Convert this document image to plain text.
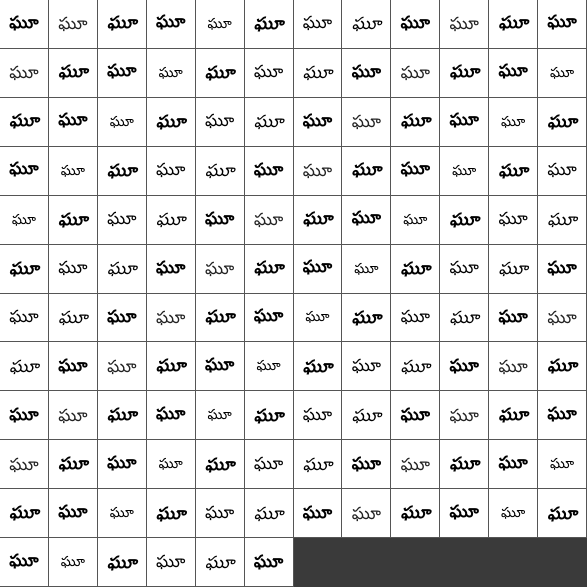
ఘూ	ఘూ	ఘూ	ఘూ	ఘూ	ఘూ	ఘూ	ఘూ	ఘూ	ఘూ	ఘూ	ఘూ
ఘూ	ఘూ	ఘూ	ఘూ	ఘూ	ఘూ	ఘూ	ఘూ	ఘూ	ఘూ	ఘూ	ఘూ
ఘూ	ఘూ	ఘూ	ఘూ	ఘూ	ఘూ	ఘూ	ఘూ	ఘూ	ఘూ	ఘూ	ఘూ
ఘూ	ఘూ	ఘూ	ఘూ	ఘూ	ఘూ	ఘూ	ఘూ	ఘూ	ఘూ	ఘూ	ఘూ
ఘూ	ఘూ	ఘూ	ఘూ	ఘూ	ఘూ	ఘూ	ఘూ	ఘూ	ఘూ	ఘూ	ఘూ
ఘూ	ఘూ	ఘూ	ఘూ	ఘూ	ఘూ	ఘూ	ఘూ	ఘూ	ఘూ	ఘూ	ఘూ
ఘూ	ఘూ	ఘూ	ఘూ	ఘూ	ఘూ	ఘూ	ఘూ	ఘూ	ఘూ	ఘూ	ఘూ
ఘూ	ఘూ	ఘూ	ఘూ	ఘూ	ఘూ	ఘూ	ఘూ	ఘూ	ఘూ	ఘూ	ఘూ
ఘూ	ఘూ	ఘూ	ఘూ	ఘూ	ఘూ	ఘూ	ఘూ	ఘూ	ఘూ	ఘూ	ఘూ
ఘూ	ఘూ	ఘూ	ఘూ	ఘూ	ఘూ	ఘూ	ఘూ	ఘూ	ఘూ	ఘూ	ఘూ
ఘూ	ఘూ	ఘూ	ఘూ	ఘూ	ఘూ	ఘూ	ఘూ	ఘూ	ఘూ	ఘూ	ఘూ
ఘూ	ఘూ	ఘూ	ఘూ	ఘూ	ఘూ
